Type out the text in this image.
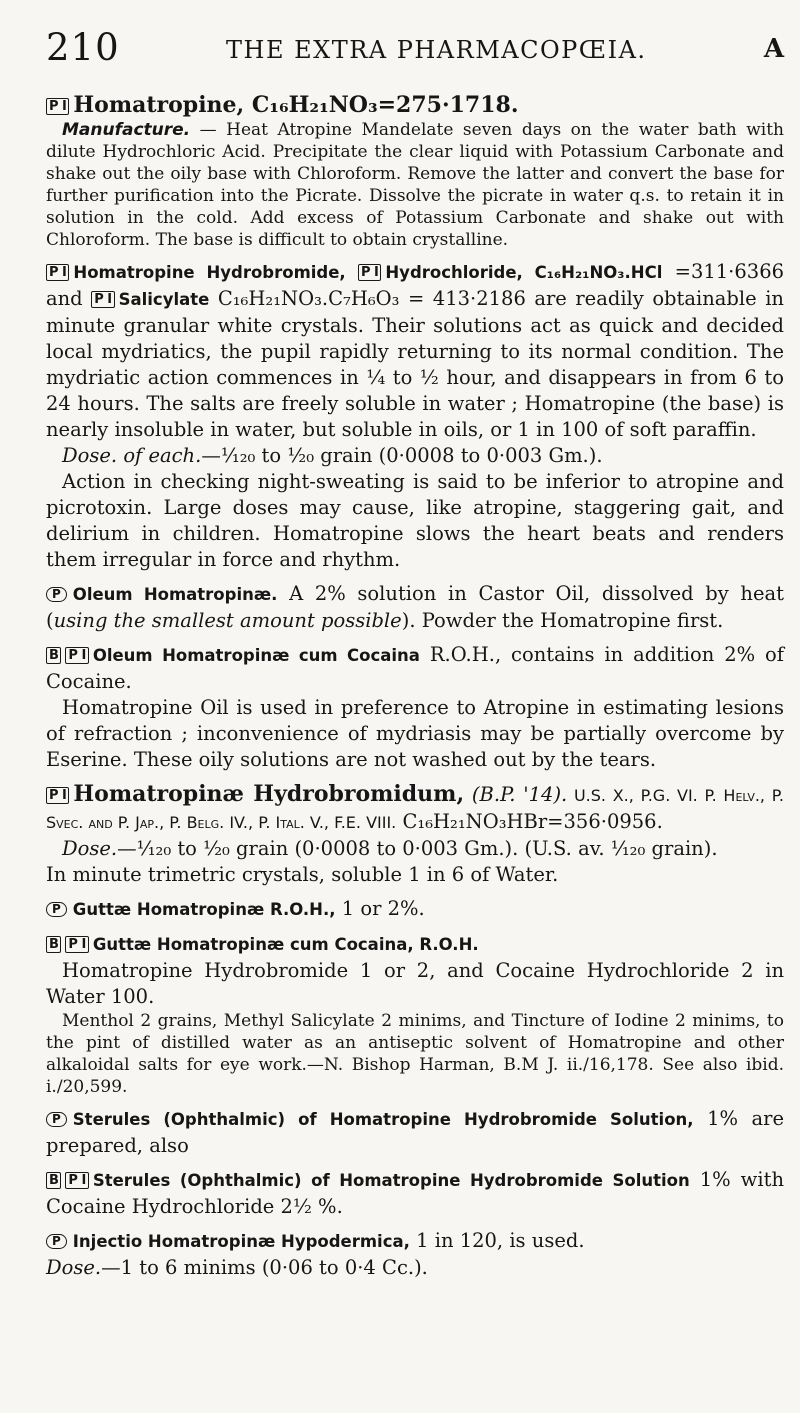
210	THE EXTRA PHARMACOPŒIA.	A

P I Homatropine, C₁₆H₂₁NO₃=275·1718.

Manufacture. — Heat Atropine Mandelate seven days on the water bath with dilute Hydrochloric Acid. Precipitate the clear liquid with Potassium Carbonate and shake out the oily base with Chloroform. Remove the latter and convert the base for further purification into the Picrate. Dissolve the picrate in water q.s. to retain it in solution in the cold. Add excess of Potassium Carbonate and shake out with Chloroform. The base is difficult to obtain crystalline.

P I Homatropine Hydrobromide, P I Hydrochloride, C₁₆H₂₁NO₃.HCl =311·6366 and P I Salicylate C₁₆H₂₁NO₃.C₇H₆O₃ = 413·2186 are readily obtainable in minute granular white crystals. Their solutions act as quick and decided local mydriatics, the pupil rapidly returning to its normal condition. The mydriatic action commences in ¼ to ½ hour, and disappears in from 6 to 24 hours. The salts are freely soluble in water ; Homatropine (the base) is nearly insoluble in water, but soluble in oils, or 1 in 100 of soft paraffin.

Dose. of each.—¹⁄₁₂₀ to ¹⁄₂₀ grain (0·0008 to 0·003 Gm.).

Action in checking night-sweating is said to be inferior to atropine and picrotoxin. Large doses may cause, like atropine, staggering gait, and delirium in children. Homatropine slows the heart beats and renders them irregular in force and rhythm.

P Oleum Homatropinæ. A 2% solution in Castor Oil, dissolved by heat (using the smallest amount possible). Powder the Homatropine first.

B P I Oleum Homatropinæ cum Cocaina R.O.H., contains in addition 2% of Cocaine.

Homatropine Oil is used in preference to Atropine in estimating lesions of refraction ; inconvenience of mydriasis may be partially overcome by Eserine. These oily solutions are not washed out by the tears.

P I Homatropinæ Hydrobromidum, (B.P. '14). U.S. X., P.G. VI. P. Helv., P. Svec. and P. Jap., P. Belg. IV., P. Ital. V., F.E. VIII. C₁₆H₂₁NO₃HBr=356·0956.

Dose.—¹⁄₁₂₀ to ¹⁄₂₀ grain (0·0008 to 0·003 Gm.). (U.S. av. ¹⁄₁₂₀ grain).

In minute trimetric crystals, soluble 1 in 6 of Water.

P Guttæ Homatropinæ R.O.H., 1 or 2%.

B P I Guttæ Homatropinæ cum Cocaina, R.O.H.

Homatropine Hydrobromide 1 or 2, and Cocaine Hydrochloride 2 in Water 100.

Menthol 2 grains, Methyl Salicylate 2 minims, and Tincture of Iodine 2 minims, to the pint of distilled water as an antiseptic solvent of Homatropine and other alkaloidal salts for eye work.—N. Bishop Harman, B.M J. ii./16,178. See also ibid. i./20,599.

P Sterules (Ophthalmic) of Homatropine Hydrobromide Solution, 1% are prepared, also

B P I Sterules (Ophthalmic) of Homatropine Hydrobromide Solution 1% with Cocaine Hydrochloride 2½ %.

P Injectio Homatropinæ Hypodermica, 1 in 120, is used.

Dose.—1 to 6 minims (0·06 to 0·4 Cc.).
